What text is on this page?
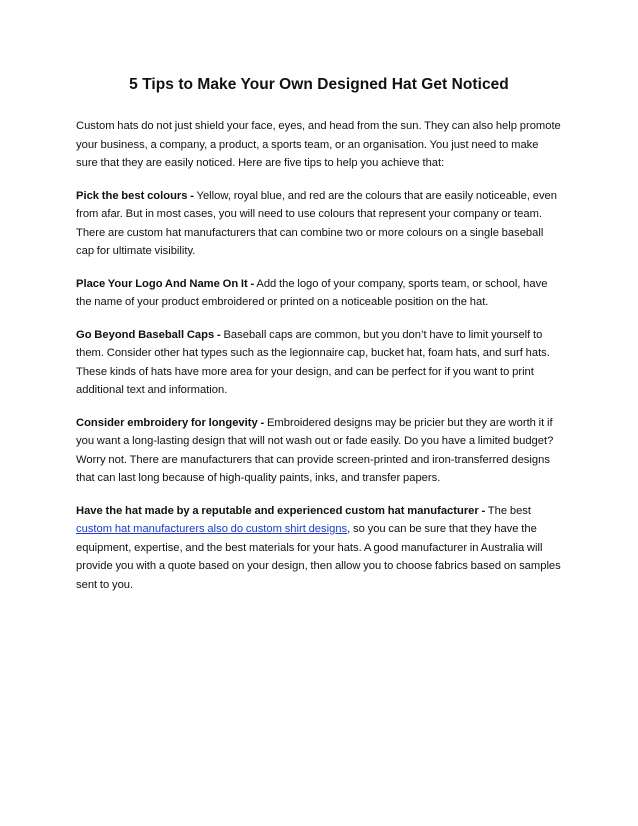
5 Tips to Make Your Own Designed Hat Get Noticed

Custom hats do not just shield your face, eyes, and head from the sun. They can also help promote your business, a company, a product, a sports team, or an organisation. You just need to make sure that they are easily noticed. Here are five tips to help you achieve that:

Pick the best colours - Yellow, royal blue, and red are the colours that are easily noticeable, even from afar. But in most cases, you will need to use colours that represent your company or team. There are custom hat manufacturers that can combine two or more colours on a single baseball cap for ultimate visibility.

Place Your Logo And Name On It - Add the logo of your company, sports team, or school, have the name of your product embroidered or printed on a noticeable position on the hat.

Go Beyond Baseball Caps - Baseball caps are common, but you don’t have to limit yourself to them. Consider other hat types such as the legionnaire cap, bucket hat, foam hats, and surf hats. These kinds of hats have more area for your design, and can be perfect for if you want to print additional text and information.

Consider embroidery for longevity - Embroidered designs may be pricier but they are worth it if you want a long-lasting design that will not wash out or fade easily. Do you have a limited budget? Worry not. There are manufacturers that can provide screen-printed and iron-transferred designs that can last long because of high-quality paints, inks, and transfer papers.

Have the hat made by a reputable and experienced custom hat manufacturer - The best custom hat manufacturers also do custom shirt designs, so you can be sure that they have the equipment, expertise, and the best materials for your hats. A good manufacturer in Australia will provide you with a quote based on your design, then allow you to choose fabrics based on samples sent to you.
